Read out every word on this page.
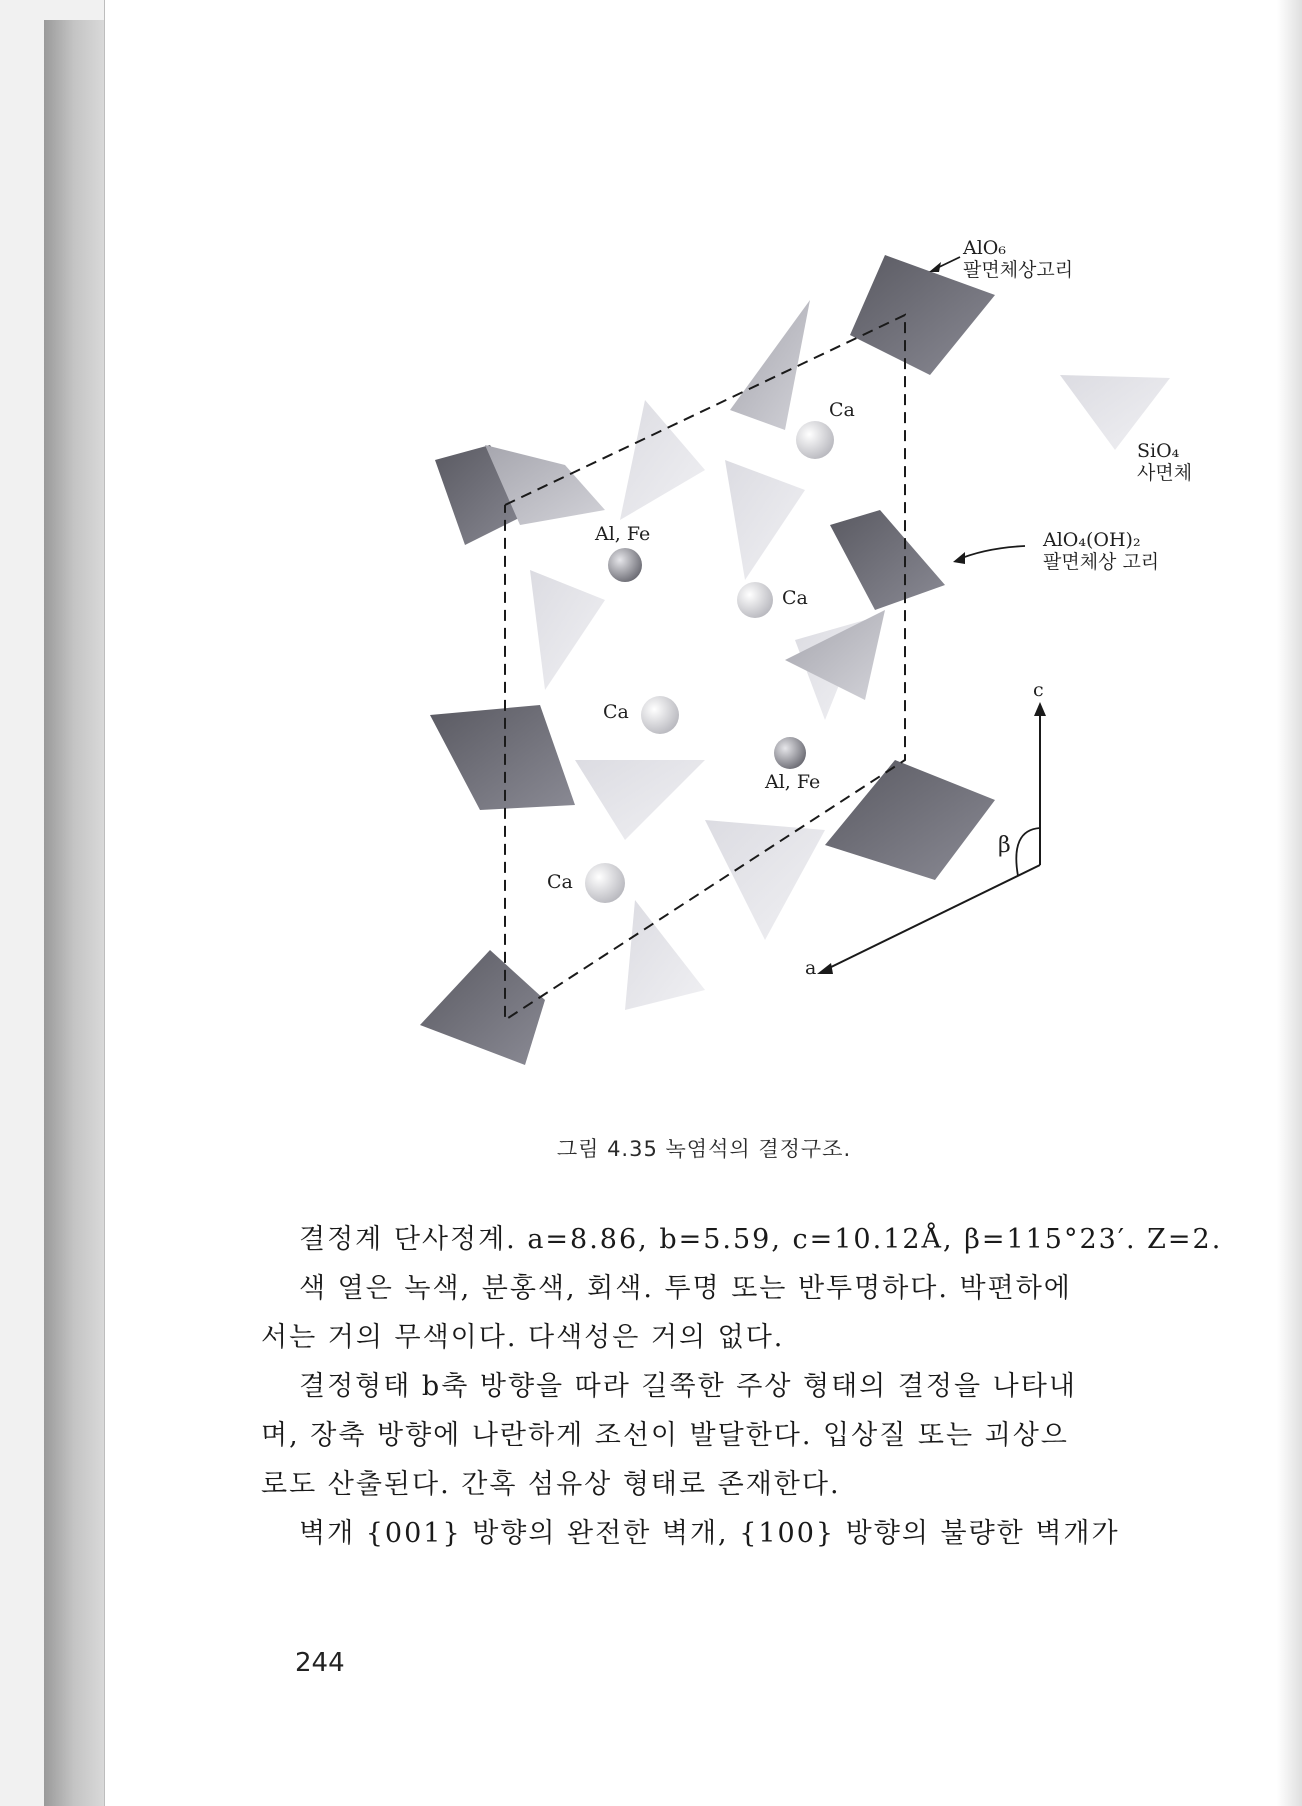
AlO₆
팔면체상고리
SiO₄
사면체
AlO₄(OH)₂
팔면체상 고리
Ca
Al, Fe
Ca
Ca
Al, Fe
Ca
c
a
β
그림 4.35 녹염석의 결정구조.
결정계 단사정계. a=8.86, b=5.59, c=10.12Å, β=115°23′. Z=2.
색 열은 녹색, 분홍색, 회색. 투명 또는 반투명하다. 박편하에
서는 거의 무색이다. 다색성은 거의 없다.
결정형태 b축 방향을 따라 길쭉한 주상 형태의 결정을 나타내
며, 장축 방향에 나란하게 조선이 발달한다. 입상질 또는 괴상으
로도 산출된다. 간혹 섬유상 형태로 존재한다.
벽개 {001} 방향의 완전한 벽개, {100} 방향의 불량한 벽개가
244
